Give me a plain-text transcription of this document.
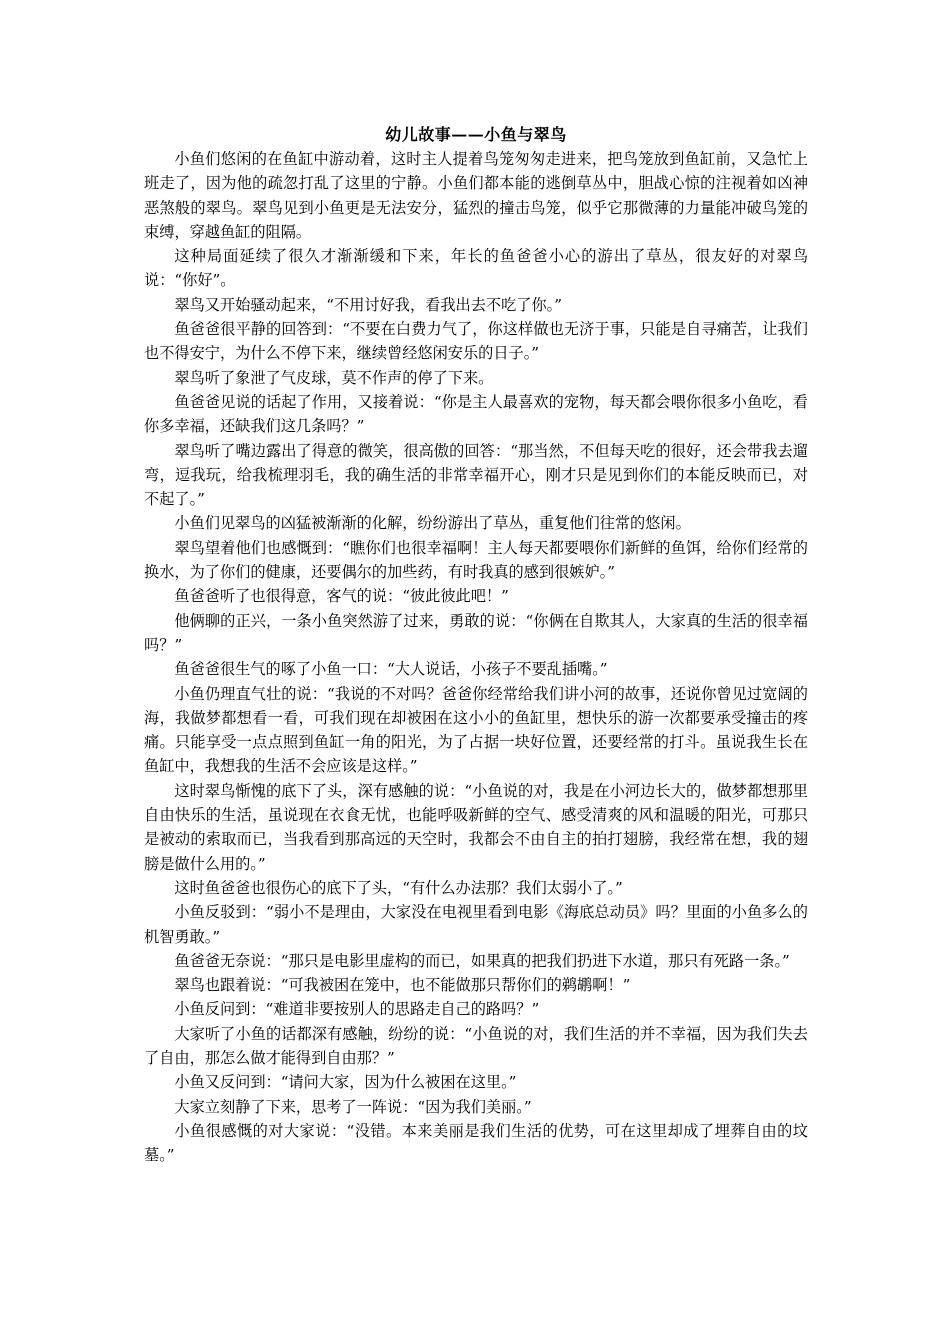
幼儿故事——小鱼与翠鸟

小鱼们悠闲的在鱼缸中游动着，这时主人提着鸟笼匆匆走进来，把鸟笼放到鱼缸前，又急忙上班走了，因为他的疏忽打乱了这里的宁静。小鱼们都本能的逃倒草丛中，胆战心惊的注视着如凶神恶煞般的翠鸟。翠鸟见到小鱼更是无法安分，猛烈的撞击鸟笼，似乎它那微薄的力量能冲破鸟笼的束缚，穿越鱼缸的阻隔。

这种局面延续了很久才渐渐缓和下来，年长的鱼爸爸小心的游出了草丛，很友好的对翠鸟说：“你好”。

翠鸟又开始骚动起来，“不用讨好我，看我出去不吃了你。”

鱼爸爸很平静的回答到：“不要在白费力气了，你这样做也无济于事，只能是自寻痛苦，让我们也不得安宁，为什么不停下来，继续曾经悠闲安乐的日子。”

翠鸟听了象泄了气皮球，莫不作声的停了下来。

鱼爸爸见说的话起了作用，又接着说：“你是主人最喜欢的宠物，每天都会喂你很多小鱼吃，看你多幸福，还缺我们这几条吗？”

翠鸟听了嘴边露出了得意的微笑，很高傲的回答：“那当然，不但每天吃的很好，还会带我去遛弯，逗我玩，给我梳理羽毛，我的确生活的非常幸福开心，刚才只是见到你们的本能反映而已，对不起了。”

小鱼们见翠鸟的凶猛被渐渐的化解，纷纷游出了草丛，重复他们往常的悠闲。

翠鸟望着他们也感慨到：“瞧你们也很幸福啊！主人每天都要喂你们新鲜的鱼饵，给你们经常的换水，为了你们的健康，还要偶尔的加些药，有时我真的感到很嫉妒。”

鱼爸爸听了也很得意，客气的说：“彼此彼此吧！”

他俩聊的正兴，一条小鱼突然游了过来，勇敢的说：“你俩在自欺其人，大家真的生活的很幸福吗？”

鱼爸爸很生气的啄了小鱼一口：“大人说话，小孩子不要乱插嘴。”

小鱼仍理直气壮的说：“我说的不对吗？爸爸你经常给我们讲小河的故事，还说你曾见过宽阔的海，我做梦都想看一看，可我们现在却被困在这小小的鱼缸里，想快乐的游一次都要承受撞击的疼痛。只能享受一点点照到鱼缸一角的阳光，为了占据一块好位置，还要经常的打斗。虽说我生长在鱼缸中，我想我的生活不会应该是这样。”

这时翠鸟惭愧的底下了头，深有感触的说：“小鱼说的对，我是在小河边长大的，做梦都想那里自由快乐的生活，虽说现在衣食无忧，也能呼吸新鲜的空气、感受清爽的风和温暖的阳光，可那只是被动的索取而已，当我看到那高远的天空时，我都会不由自主的拍打翅膀，我经常在想，我的翅膀是做什么用的。”

这时鱼爸爸也很伤心的底下了头，“有什么办法那？我们太弱小了。”

小鱼反驳到：“弱小不是理由，大家没在电视里看到电影《海底总动员》吗？里面的小鱼多么的机智勇敢。”

鱼爸爸无奈说：“那只是电影里虚构的而已，如果真的把我们扔进下水道，那只有死路一条。”

翠鸟也跟着说：“可我被困在笼中，也不能做那只帮你们的鹈鹕啊！”

小鱼反问到：“难道非要按别人的思路走自己的路吗？”

大家听了小鱼的话都深有感触，纷纷的说：“小鱼说的对，我们生活的并不幸福，因为我们失去了自由，那怎么做才能得到自由那？”

小鱼又反问到：“请问大家，因为什么被困在这里。”

大家立刻静了下来，思考了一阵说：“因为我们美丽。”

小鱼很感慨的对大家说：“没错。本来美丽是我们生活的优势，可在这里却成了埋葬自由的坟墓。”
